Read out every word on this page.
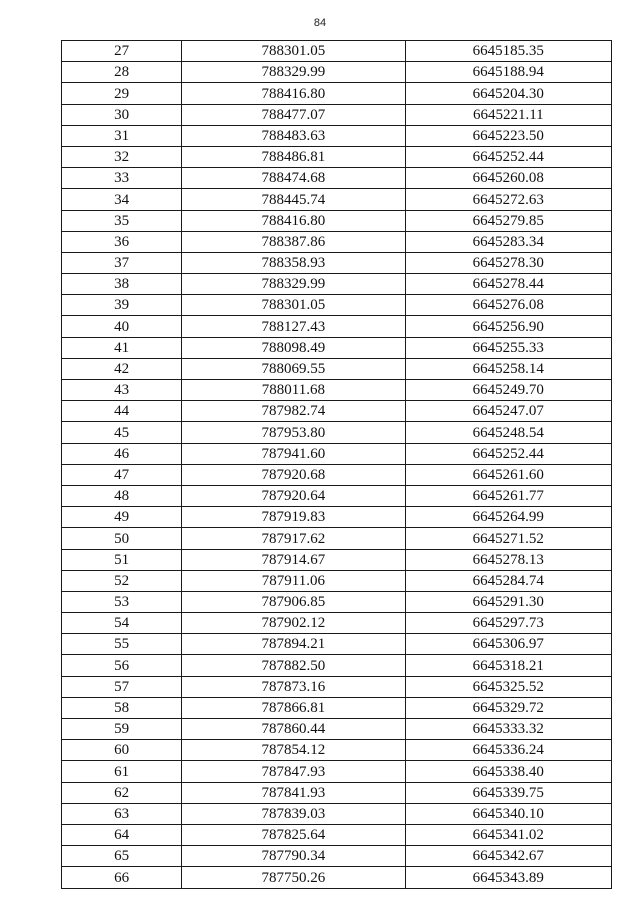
84
27	788301.05	6645185.35
28	788329.99	6645188.94
29	788416.80	6645204.30
30	788477.07	6645221.11
31	788483.63	6645223.50
32	788486.81	6645252.44
33	788474.68	6645260.08
34	788445.74	6645272.63
35	788416.80	6645279.85
36	788387.86	6645283.34
37	788358.93	6645278.30
38	788329.99	6645278.44
39	788301.05	6645276.08
40	788127.43	6645256.90
41	788098.49	6645255.33
42	788069.55	6645258.14
43	788011.68	6645249.70
44	787982.74	6645247.07
45	787953.80	6645248.54
46	787941.60	6645252.44
47	787920.68	6645261.60
48	787920.64	6645261.77
49	787919.83	6645264.99
50	787917.62	6645271.52
51	787914.67	6645278.13
52	787911.06	6645284.74
53	787906.85	6645291.30
54	787902.12	6645297.73
55	787894.21	6645306.97
56	787882.50	6645318.21
57	787873.16	6645325.52
58	787866.81	6645329.72
59	787860.44	6645333.32
60	787854.12	6645336.24
61	787847.93	6645338.40
62	787841.93	6645339.75
63	787839.03	6645340.10
64	787825.64	6645341.02
65	787790.34	6645342.67
66	787750.26	6645343.89
